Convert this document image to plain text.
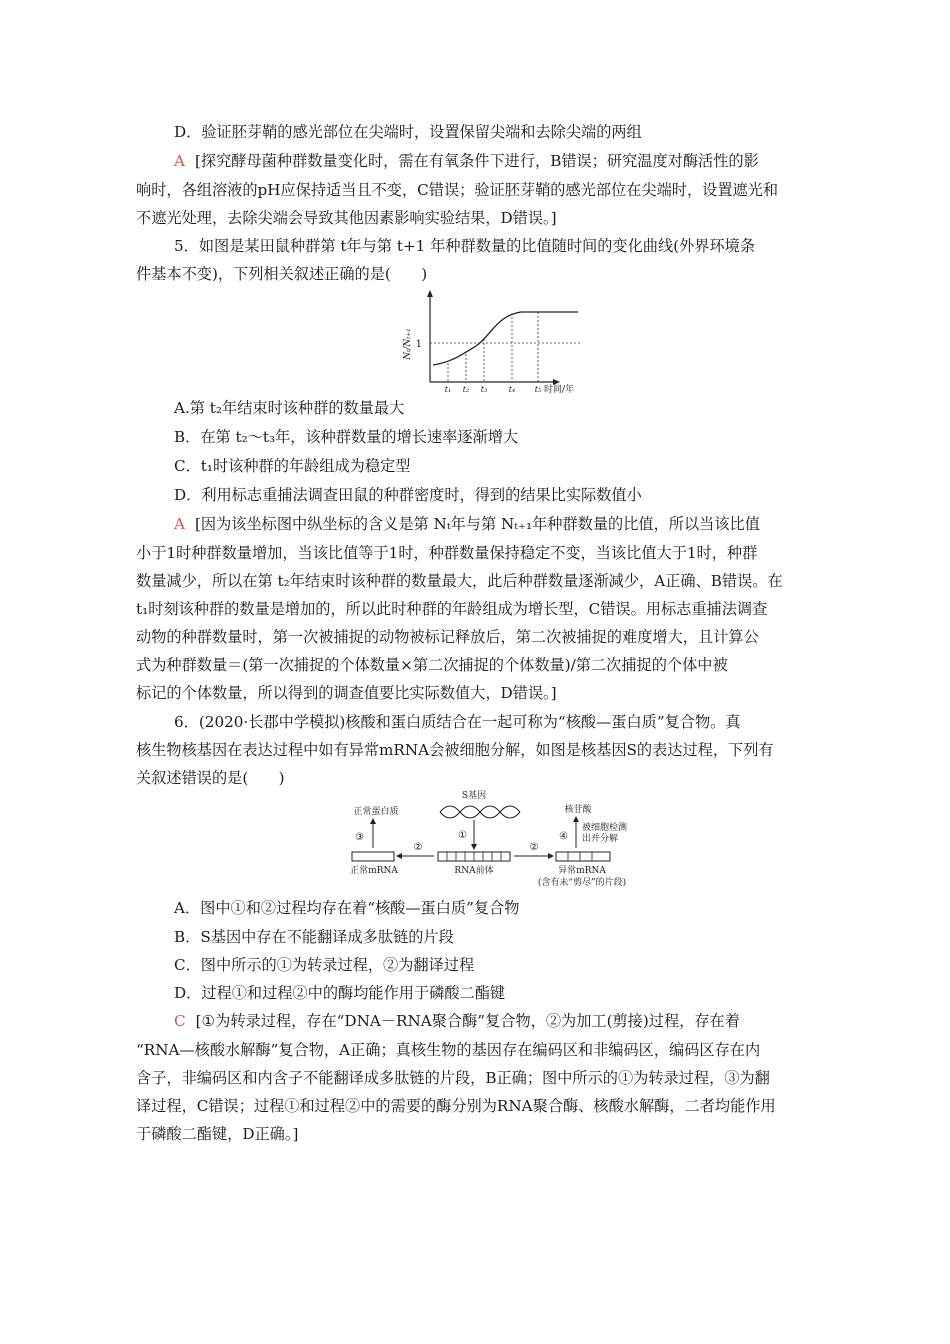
D．验证胚芽鞘的感光部位在尖端时，设置保留尖端和去除尖端的两组
A [探究酵母菌种群数量变化时，需在有氧条件下进行，B错误；研究温度对酶活性的影
响时，各组溶液的pH应保持适当且不变，C错误；验证胚芽鞘的感光部位在尖端时，设置遮光和
不遮光处理，去除尖端会导致其他因素影响实验结果，D错误。]
5．如图是某田鼠种群第 t年与第 t+1 年种群数量的比值随时间的变化曲线(外界环境条
件基本不变)，下列相关叙述正确的是(　　)
1
Nₜ/Nₜ₊₁
t₁ t₂ t₃	t₄ t₅ 时间/年
A.第 t₂年结束时该种群的数量最大
B．在第 t₂～t₃年，该种群数量的增长速率逐渐增大
C．t₁时该种群的年龄组成为稳定型
D．利用标志重捕法调查田鼠的种群密度时，得到的结果比实际数值小
A [因为该坐标图中纵坐标的含义是第 Nₜ年与第 Nₜ₊₁年种群数量的比值，所以当该比值
小于1时种群数量增加，当该比值等于1时，种群数量保持稳定不变，当该比值大于1时，种群
数量减少，所以在第 t₂年结束时该种群的数量最大，此后种群数量逐渐减少，A正确、B错误。在
t₁时刻该种群的数量是增加的，所以此时种群的年龄组成为增长型，C错误。用标志重捕法调查
动物的种群数量时，第一次被捕捉的动物被标记释放后，第二次被捕捉的难度增大，且计算公
式为种群数量＝(第一次捕捉的个体数量×第二次捕捉的个体数量)/第二次捕捉的个体中被
标记的个体数量，所以得到的调查值要比实际数值大，D错误。]
6．(2020·长郡中学模拟)核酸和蛋白质结合在一起可称为“核酸—蛋白质”复合物。真
核生物核基因在表达过程中如有异常mRNA会被细胞分解，如图是核基因S的表达过程，下列有
关叙述错误的是(　　)
S基因
①
RNA前体
②
正常mRNA
③
正常蛋白质
②
异常mRNA
(含有未“剪尽”的片段)
④
被细胞检测
出并分解
核苷酸
A．图中①和②过程均存在着“核酸—蛋白质”复合物
B．S基因中存在不能翻译成多肽链的片段
C．图中所示的①为转录过程，②为翻译过程
D．过程①和过程②中的酶均能作用于磷酸二酯键
C [①为转录过程，存在“DNA－RNA聚合酶”复合物，②为加工(剪接)过程，存在着
“RNA—核酸水解酶”复合物，A正确；真核生物的基因存在编码区和非编码区，编码区存在内
含子，非编码区和内含子不能翻译成多肽链的片段，B正确；图中所示的①为转录过程，③为翻
译过程，C错误；过程①和过程②中的需要的酶分别为RNA聚合酶、核酸水解酶，二者均能作用
于磷酸二酯键，D正确。]
